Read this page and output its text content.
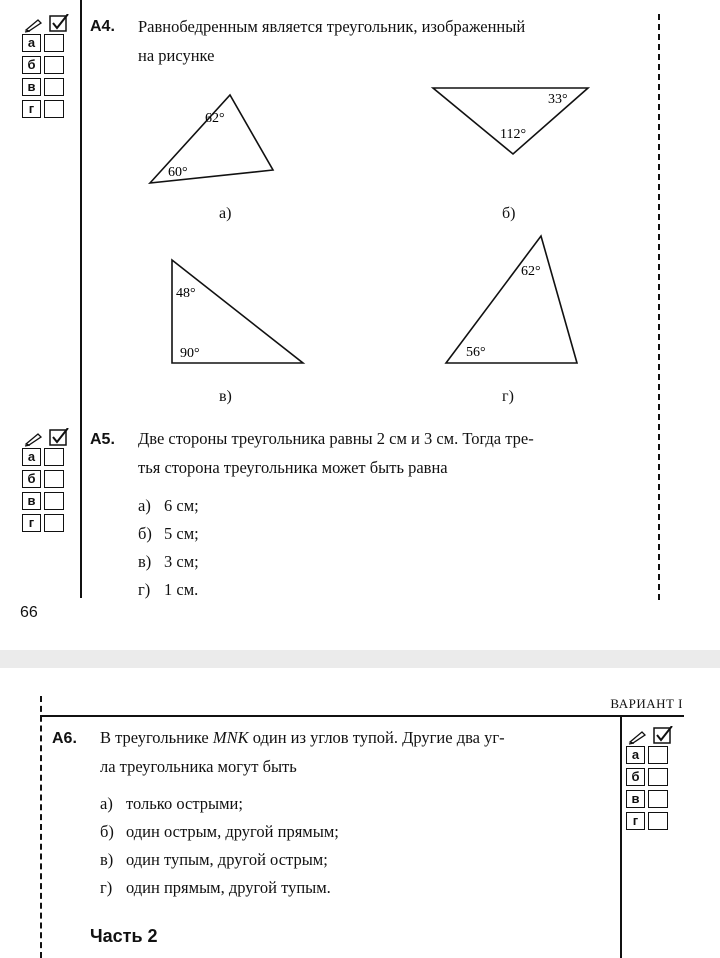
а
б
в
г
А4. Равнобедренным является треугольник, изображенный
на рисунке
62°
60°
33°
112°
48°
90°
62°
56°
а)	б)
в)	г)
а
б
в
г
А5. Две стороны треугольника равны 2 см и 3 см. Тогда тре-
тья сторона треугольника может быть равна
а) 6 см;
б) 5 см;
в) 3 см;
г) 1 см.
66
ВАРИАНТ I
а
б
в
г
А6. В треугольнике MNK один из углов тупой. Другие два уг-
ла треугольника могут быть
а) только острыми;
б) один острым, другой прямым;
в) один тупым, другой острым;
г) один прямым, другой тупым.
Часть 2
